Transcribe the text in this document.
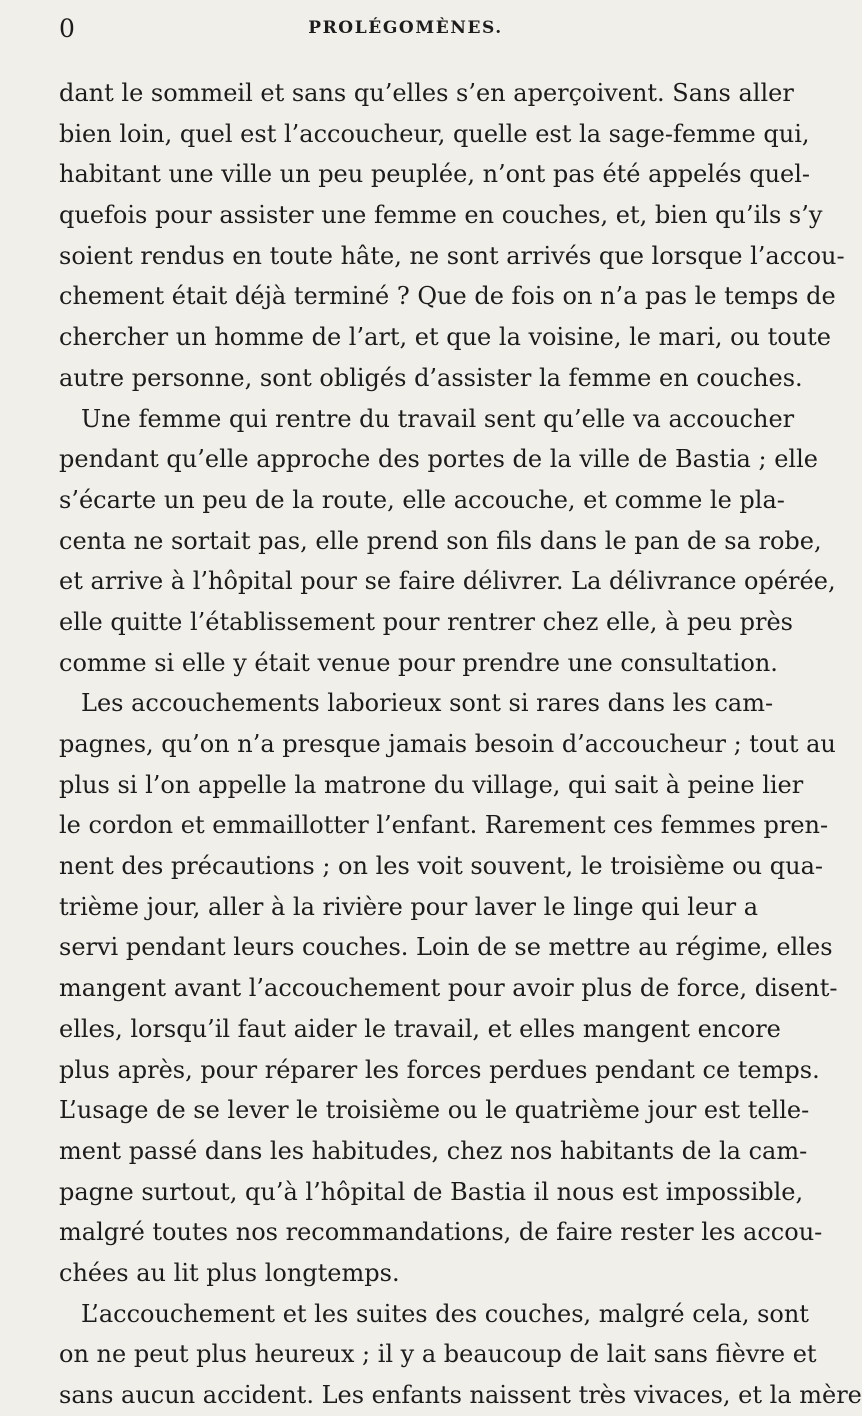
0	PROLÉGOMÈNES.
dant le sommeil et sans qu’elles s’en aperçoivent. Sans aller
bien loin, quel est l’accoucheur, quelle est la sage-femme qui,
habitant une ville un peu peuplée, n’ont pas été appelés quel-
quefois pour assister une femme en couches, et, bien qu’ils s’y
soient rendus en toute hâte, ne sont arrivés que lorsque l’accou-
chement était déjà terminé ? Que de fois on n’a pas le temps de
chercher un homme de l’art, et que la voisine, le mari, ou toute
autre personne, sont obligés d’assister la femme en couches.
Une femme qui rentre du travail sent qu’elle va accoucher
pendant qu’elle approche des portes de la ville de Bastia ; elle
s’écarte un peu de la route, elle accouche, et comme le pla-
centa ne sortait pas, elle prend son fils dans le pan de sa robe,
et arrive à l’hôpital pour se faire délivrer. La délivrance opérée,
elle quitte l’établissement pour rentrer chez elle, à peu près
comme si elle y était venue pour prendre une consultation.
Les accouchements laborieux sont si rares dans les cam-
pagnes, qu’on n’a presque jamais besoin d’accoucheur ; tout au
plus si l’on appelle la matrone du village, qui sait à peine lier
le cordon et emmaillotter l’enfant. Rarement ces femmes pren-
nent des précautions ; on les voit souvent, le troisième ou qua-
trième jour, aller à la rivière pour laver le linge qui leur a
servi pendant leurs couches. Loin de se mettre au régime, elles
mangent avant l’accouchement pour avoir plus de force, disent-
elles, lorsqu’il faut aider le travail, et elles mangent encore
plus après, pour réparer les forces perdues pendant ce temps.
L’usage de se lever le troisième ou le quatrième jour est telle-
ment passé dans les habitudes, chez nos habitants de la cam-
pagne surtout, qu’à l’hôpital de Bastia il nous est impossible,
malgré toutes nos recommandations, de faire rester les accou-
chées au lit plus longtemps.
L’accouchement et les suites des couches, malgré cela, sont
on ne peut plus heureux ; il y a beaucoup de lait sans fièvre et
sans aucun accident. Les enfants naissent très vivaces, et la mère
